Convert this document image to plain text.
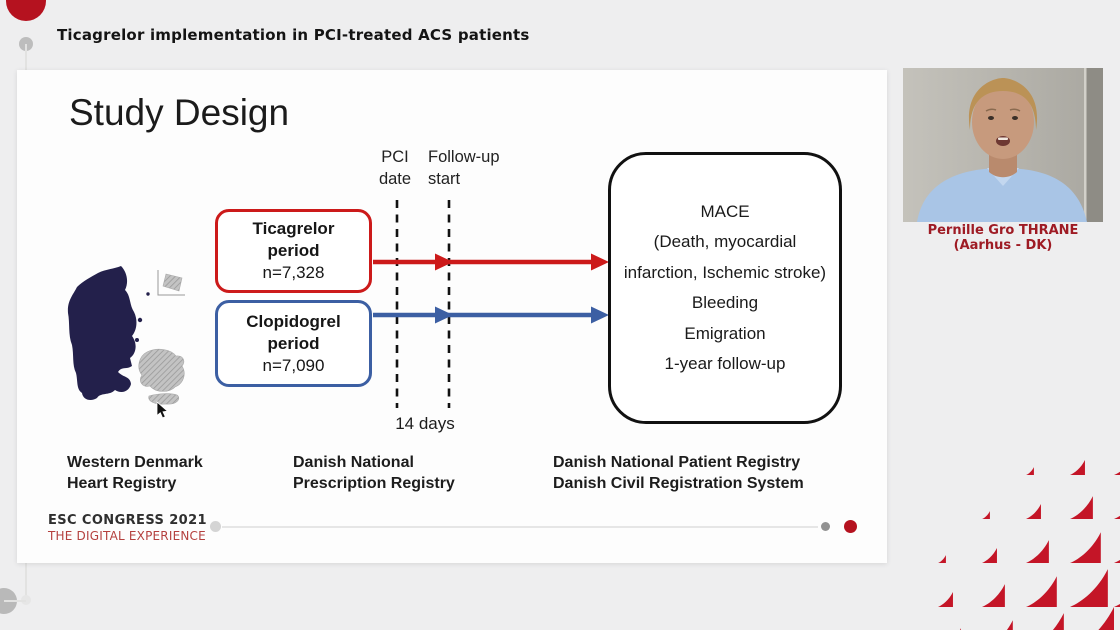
Ticagrelor implementation in PCI-treated ACS patients
Study Design
PCI
date
Follow-up
start
Ticagrelor
period
n=7,328
Clopidogrel
period
n=7,090
14 days
MACE
(Death, myocardial
infarction, Ischemic stroke)
Bleeding
Emigration
1-year follow-up
Western Denmark
Heart Registry
Danish National
Prescription Registry
Danish National Patient Registry
Danish Civil Registration System
ESC CONGRESS 2021
THE DIGITAL EXPERIENCE
Pernille Gro THRANE
(Aarhus - DK)
